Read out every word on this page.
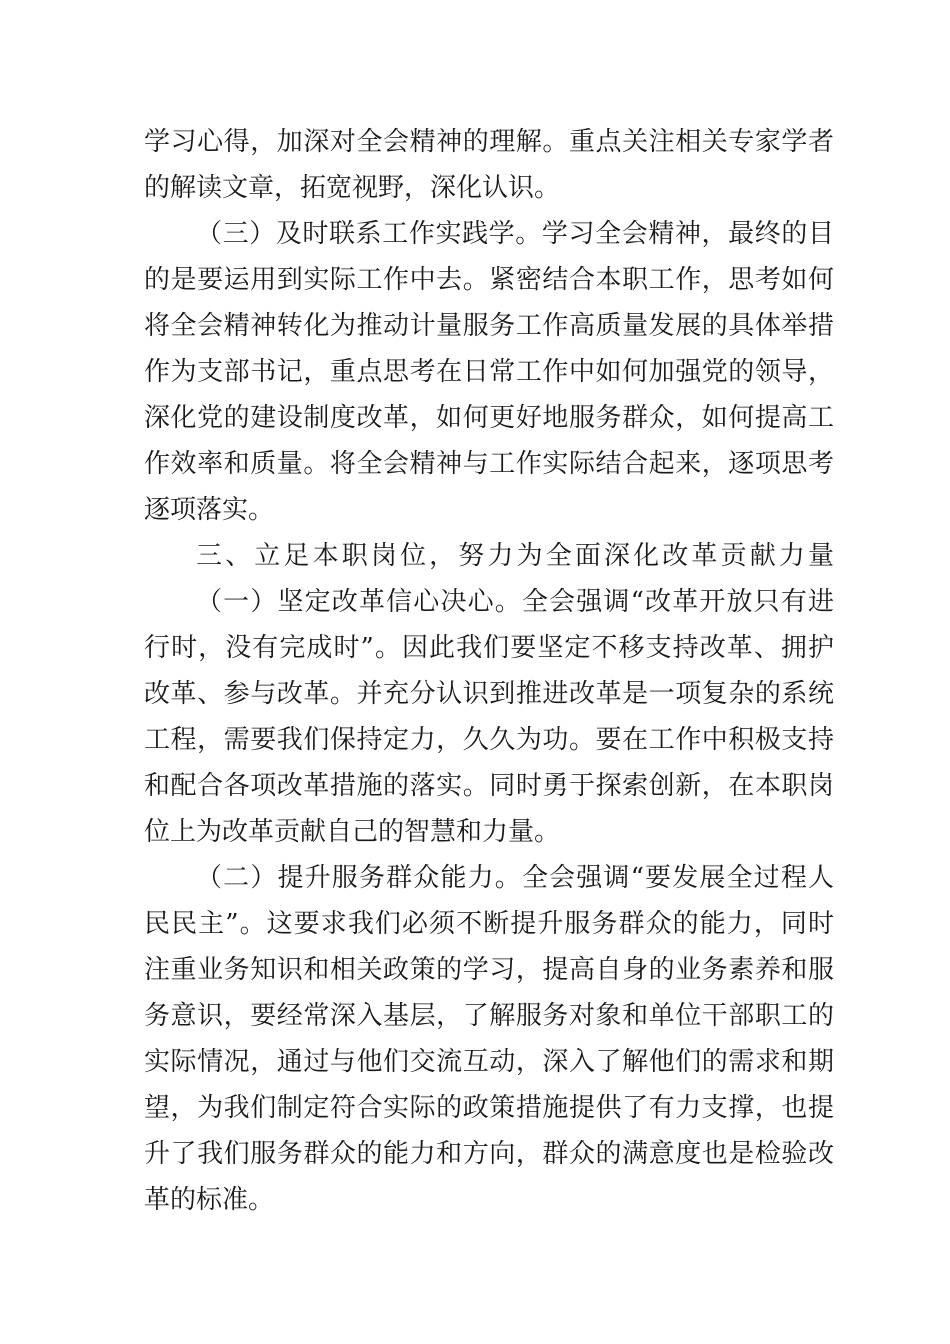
学习心得，加深对全会精神的理解。重点关注相关专家学者
的解读文章，拓宽视野，深化认识。
（三）及时联系工作实践学。学习全会精神，最终的目
的是要运用到实际工作中去。紧密结合本职工作，思考如何
将全会精神转化为推动计量服务工作高质量发展的具体举措
作为支部书记，重点思考在日常工作中如何加强党的领导，
深化党的建设制度改革，如何更好地服务群众，如何提高工
作效率和质量。将全会精神与工作实际结合起来，逐项思考
逐项落实。
三、立足本职岗位，努力为全面深化改革贡献力量
（一）坚定改革信心决心。全会强调“改革开放只有进
行时，没有完成时”。因此我们要坚定不移支持改革、拥护
改革、参与改革。并充分认识到推进改革是一项复杂的系统
工程，需要我们保持定力，久久为功。要在工作中积极支持
和配合各项改革措施的落实。同时勇于探索创新，在本职岗
位上为改革贡献自己的智慧和力量。
（二）提升服务群众能力。全会强调“要发展全过程人
民民主”。这要求我们必须不断提升服务群众的能力，同时
注重业务知识和相关政策的学习，提高自身的业务素养和服
务意识，要经常深入基层，了解服务对象和单位干部职工的
实际情况，通过与他们交流互动，深入了解他们的需求和期
望，为我们制定符合实际的政策措施提供了有力支撑，也提
升了我们服务群众的能力和方向，群众的满意度也是检验改
革的标准。
